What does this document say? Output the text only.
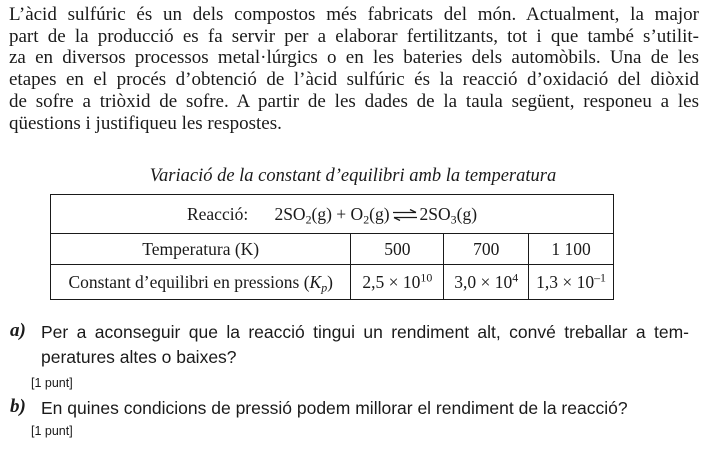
L’àcid sulfúric és un dels compostos més fabricats del món. Actualment, la major
part de la producció es fa servir per a elaborar fertilitzants, tot i que també s’utilit-
za en diversos processos metal·lúrgics o en les bateries dels automòbils. Una de les
etapes en el procés d’obtenció de l’àcid sulfúric és la reacció d’oxidació del diòxid
de sofre a triòxid de sofre. A partir de les dades de la taula següent, responeu a les
qüestions i justifiqueu les respostes.
Variació de la constant d’equilibri amb la temperatura
Reacció: $2SO_2(g) + O_2(g)$ ⇌ $2SO_3(g)$			
Temperatura (K)	500	700	1 100
Constant d’equilibri en pressions $(K_p)$	$2,5 \times 10^{10}$	$3,0 \times 10^4$	$1,3 \times 10^{-1}$
a) Per a aconseguir que la reacció tingui un rendiment alt, convé treballar a tem-
peratures altes o baixes?
[1 punt]
b) En quines condicions de pressió podem millorar el rendiment de la reacció?
[1 punt]
